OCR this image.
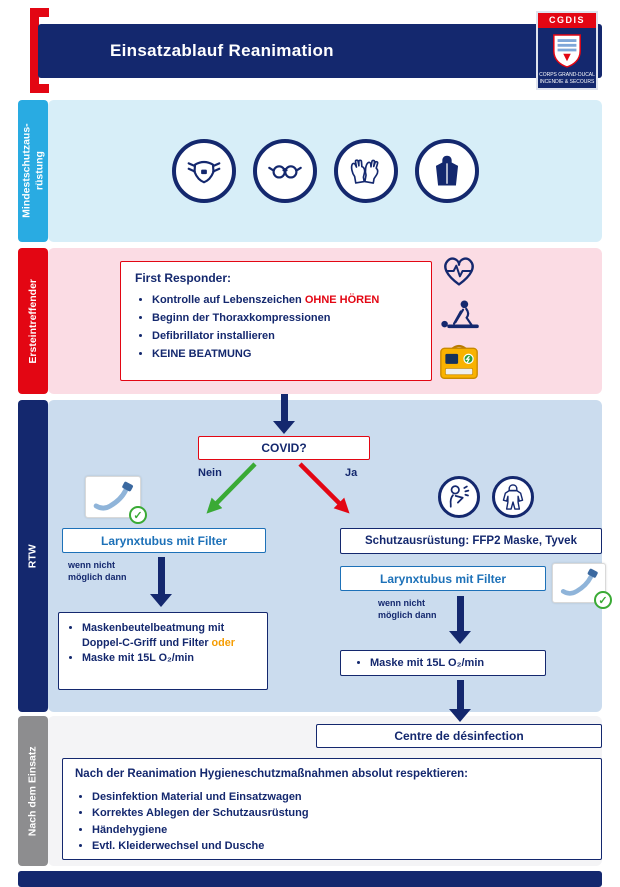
Einsatzablauf Reanimation
CGDIS
CORPS GRAND-DUCAL
INCENDIE & SECOURS
Mindestschutzaus- rüstung
Ersteintreffender
First Responder:
• Kontrolle auf Lebenszeichen OHNE HÖREN
• Beginn der Thoraxkompressionen
• Defibrillator installieren
• KEINE BEATMUNG
RTW
COVID?
Nein	Ja
✓
Larynxtubus mit Filter
wenn nicht möglich dann
• Maskenbeutelbeatmung mit Doppel-C-Griff und Filter oder
• Maske mit 15L O₂/min
Schutzausrüstung: FFP2 Maske, Tyvek
Larynxtubus mit Filter
✓
wenn nicht möglich dann
• Maske mit 15L O₂/min
Nach dem Einsatz
Centre de désinfection
Nach der Reanimation Hygieneschutzmaßnahmen absolut respektieren:
• Desinfektion Material und Einsatzwagen
• Korrektes Ablegen der Schutzausrüstung
• Händehygiene
• Evtl. Kleiderwechsel und Dusche
